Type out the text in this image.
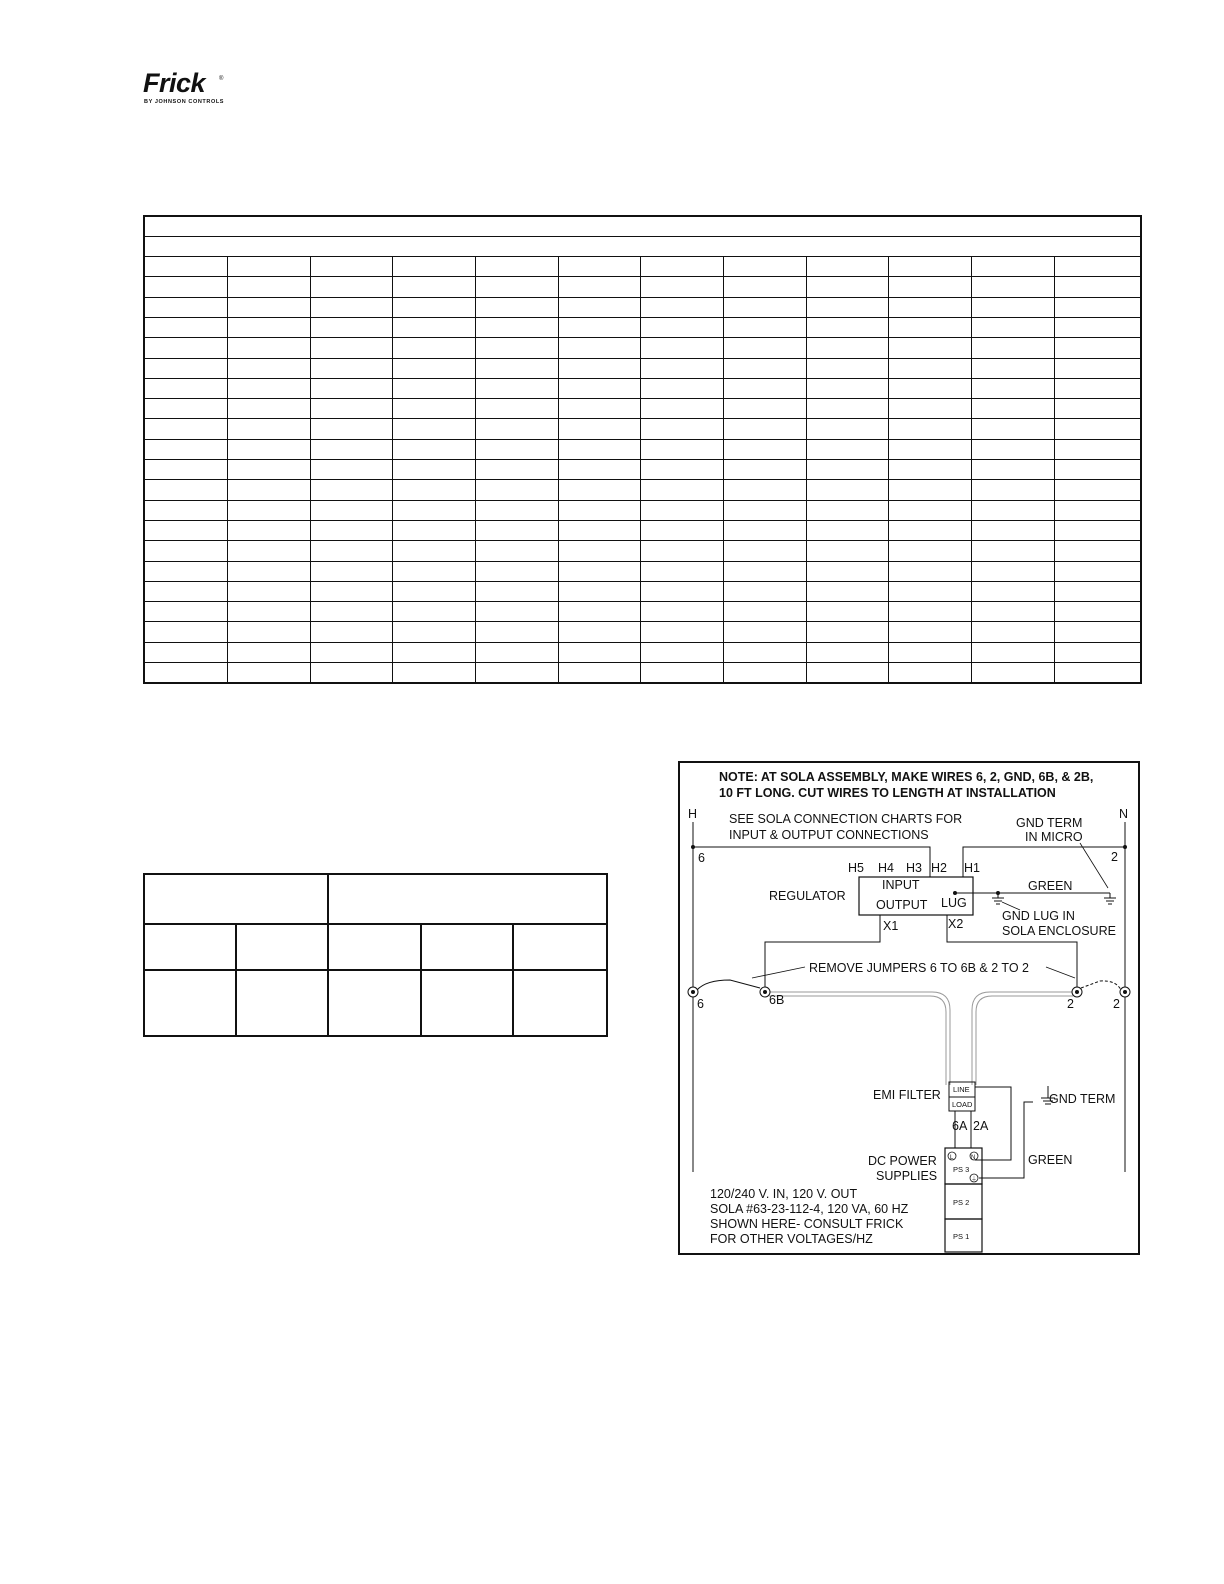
Frick ®
BY JOHNSON CONTROLS

NOTE: AT SOLA ASSEMBLY, MAKE WIRES 6, 2, GND, 6B, & 2B,
10 FT LONG. CUT WIRES TO LENGTH AT INSTALLATION
H	N
SEE SOLA CONNECTION CHARTS FOR
INPUT & OUTPUT CONNECTIONS
GND TERM
IN MICRO
6	2
H5 H4 H3 H2 H1
REGULATOR
INPUT
OUTPUT LUG
GREEN
GND LUG IN
SOLA ENCLOSURE
X1	X2
REMOVE JUMPERS 6 TO 6B & 2 TO 2
6	6B	2	2
EMI FILTER
6A 2A
GND TERM
DC POWER
SUPPLIES
GREEN
120/240 V. IN, 120 V. OUT
SOLA #63-23-112-4, 120 VA, 60 HZ
SHOWN HERE- CONSULT FRICK
FOR OTHER VOLTAGES/HZ
LINE
LOAD
L	N
⏚
PS 3
PS 2
PS 1
